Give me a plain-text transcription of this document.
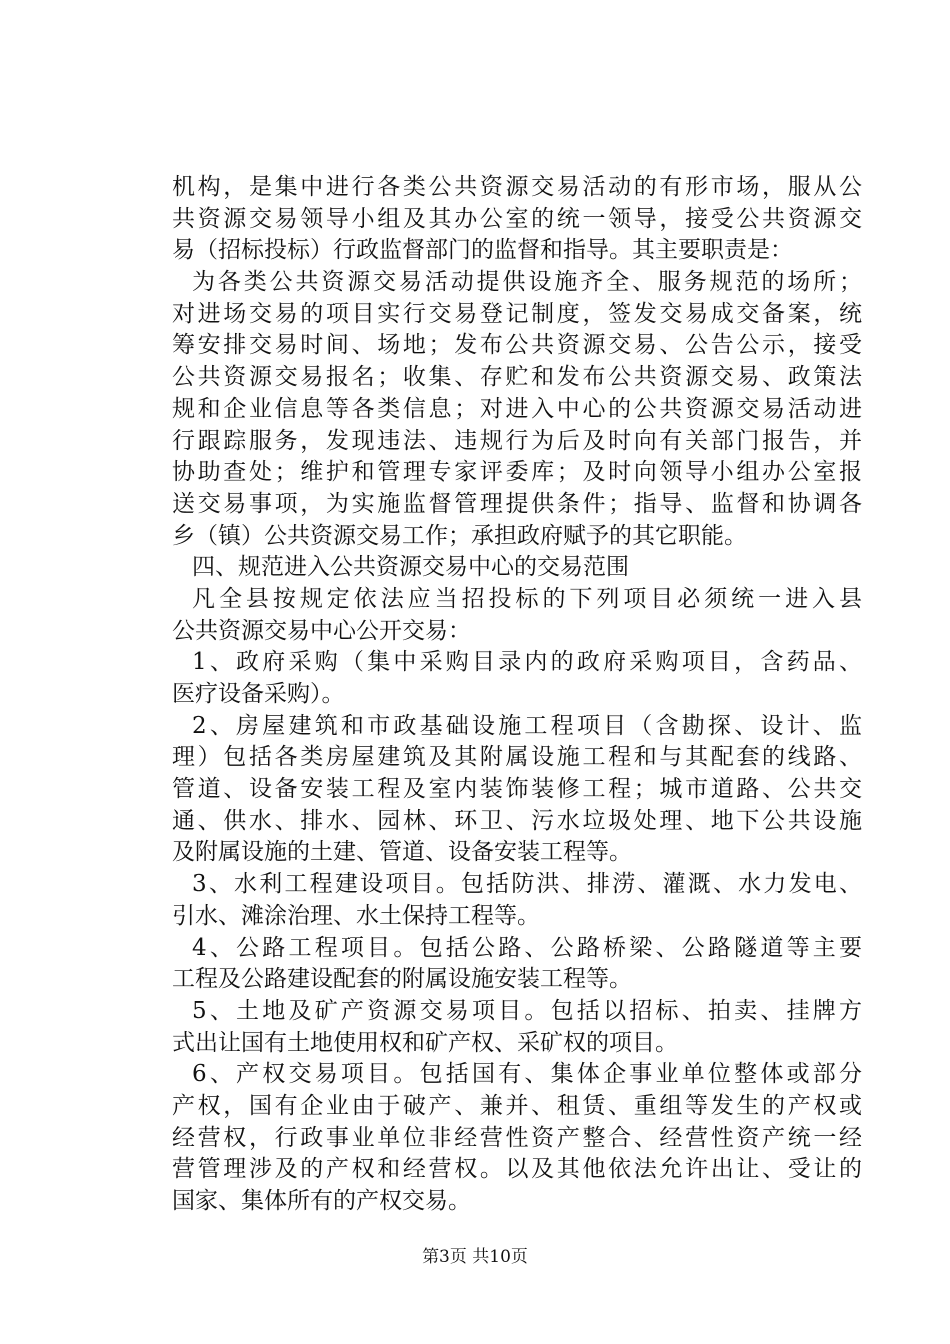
机构，是集中进行各类公共资源交易活动的有形市场，服从公
共资源交易领导小组及其办公室的统一领导，接受公共资源交
易（招标投标）行政监督部门的监督和指导。其主要职责是：
为各类公共资源交易活动提供设施齐全、服务规范的场所；
对进场交易的项目实行交易登记制度，签发交易成交备案，统
筹安排交易时间、场地；发布公共资源交易、公告公示，接受
公共资源交易报名；收集、存贮和发布公共资源交易、政策法
规和企业信息等各类信息；对进入中心的公共资源交易活动进
行跟踪服务，发现违法、违规行为后及时向有关部门报告，并
协助查处；维护和管理专家评委库；及时向领导小组办公室报
送交易事项，为实施监督管理提供条件；指导、监督和协调各
乡（镇）公共资源交易工作；承担政府赋予的其它职能。
四、规范进入公共资源交易中心的交易范围
凡全县按规定依法应当招投标的下列项目必须统一进入县
公共资源交易中心公开交易：
1、政府采购（集中采购目录内的政府采购项目，含药品、
医疗设备采购）。
2、房屋建筑和市政基础设施工程项目（含勘探、设计、监
理）包括各类房屋建筑及其附属设施工程和与其配套的线路、
管道、设备安装工程及室内装饰装修工程；城市道路、公共交
通、供水、排水、园林、环卫、污水垃圾处理、地下公共设施
及附属设施的土建、管道、设备安装工程等。
3、水利工程建设项目。包括防洪、排涝、灌溉、水力发电、
引水、滩涂治理、水土保持工程等。
4、公路工程项目。包括公路、公路桥梁、公路隧道等主要
工程及公路建设配套的附属设施安装工程等。
5、土地及矿产资源交易项目。包括以招标、拍卖、挂牌方
式出让国有土地使用权和矿产权、采矿权的项目。
6、产权交易项目。包括国有、集体企事业单位整体或部分
产权，国有企业由于破产、兼并、租赁、重组等发生的产权或
经营权，行政事业单位非经营性资产整合、经营性资产统一经
营管理涉及的产权和经营权。以及其他依法允许出让、受让的
国家、集体所有的产权交易。
第3页 共10页
